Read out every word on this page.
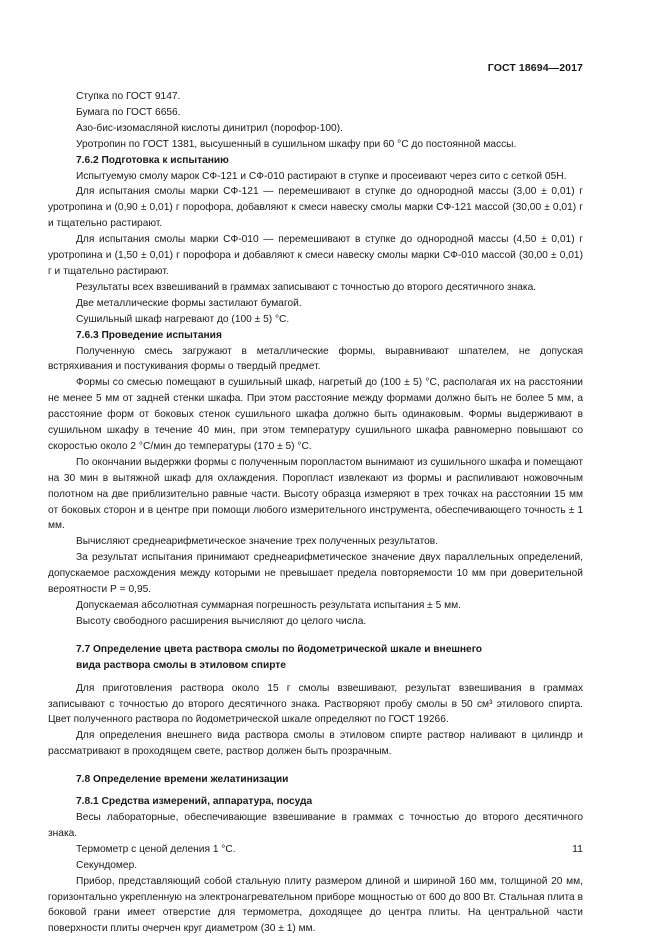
ГОСТ 18694—2017

Ступка по ГОСТ 9147.

Бумага по ГОСТ 6656.

Азо-бис-изомасляной кислоты динитрил (порофор-100).

Уротропин по ГОСТ 1381, высушенный в сушильном шкафу при 60 °С до постоянной массы.

7.6.2 Подготовка к испытанию

Испытуемую смолу марок СФ-121 и СФ-010 растирают в ступке и просеивают через сито с сеткой 05Н.

Для испытания смолы марки СФ-121 — перемешивают в ступке до однородной массы (3,00 ± 0,01) г уротропина и (0,90 ± 0,01) г порофора, добавляют к смеси навеску смолы марки СФ-121 массой (30,00 ± 0,01) г и тщательно растирают.

Для испытания смолы марки СФ-010 — перемешивают в ступке до однородной массы (4,50 ± 0,01) г уротропина и (1,50 ± 0,01) г порофора и добавляют к смеси навеску смолы марки СФ-010 массой (30,00 ± 0,01) г и тщательно растирают.

Результаты всех взвешиваний в граммах записывают с точностью до второго десятичного знака.

Две металлические формы застилают бумагой.

Сушильный шкаф нагревают до (100 ± 5) °С.

7.6.3 Проведение испытания

Полученную смесь загружают в металлические формы, выравнивают шпателем, не допуская встряхивания и постукивания формы о твердый предмет.

Формы со смесью помещают в сушильный шкаф, нагретый до (100 ± 5) °С, располагая их на расстоянии не менее 5 мм от задней стенки шкафа. При этом расстояние между формами должно быть не более 5 мм, а расстояние форм от боковых стенок сушильного шкафа должно быть одинаковым. Формы выдерживают в сушильном шкафу в течение 40 мин, при этом температуру сушильного шкафа равномерно повышают со скоростью около 2 °С/мин до температуры (170 ± 5) °С.

По окончании выдержки формы с полученным поропластом вынимают из сушильного шкафа и помещают на 30 мин в вытяжной шкаф для охлаждения. Поропласт извлекают из формы и распиливают ножовочным полотном на две приблизительно равные части. Высоту образца измеряют в трех точках на расстоянии 15 мм от боковых сторон и в центре при помощи любого измерительного инструмента, обеспечивающего точность ± 1 мм.

Вычисляют среднеарифметическое значение трех полученных результатов.

За результат испытания принимают среднеарифметическое значение двух параллельных определений, допускаемое расхождения между которыми не превышает предела повторяемости 10 мм при доверительной вероятности Р = 0,95.

Допускаемая абсолютная суммарная погрешность результата испытания ± 5 мм.

Высоту свободного расширения вычисляют до целого числа.

7.7 Определение цвета раствора смолы по йодометрической шкале и внешнего вида раствора смолы в этиловом спирте

Для приготовления раствора около 15 г смолы взвешивают, результат взвешивания в граммах записывают с точностью до второго десятичного знака. Растворяют пробу смолы в 50 см³ этилового спирта. Цвет полученного раствора по йодометрической шкале определяют по ГОСТ 19266.

Для определения внешнего вида раствора смолы в этиловом спирте раствор наливают в цилиндр и рассматривают в проходящем свете, раствор должен быть прозрачным.

7.8 Определение времени желатинизации

7.8.1 Средства измерений, аппаратура, посуда

Весы лабораторные, обеспечивающие взвешивание в граммах с точностью до второго десятичного знака.

Термометр с ценой деления 1 °С.

Секундомер.

Прибор, представляющий собой стальную плиту размером длиной и шириной 160 мм, толщиной 20 мм, горизонтально укрепленную на электронагревательном приборе мощностью от 600 до 800 Вт. Стальная плита в боковой грани имеет отверстие для термометра, доходящее до центра плиты. На центральной части поверхности плиты очерчен круг диаметром (30 ± 1) мм.

11
